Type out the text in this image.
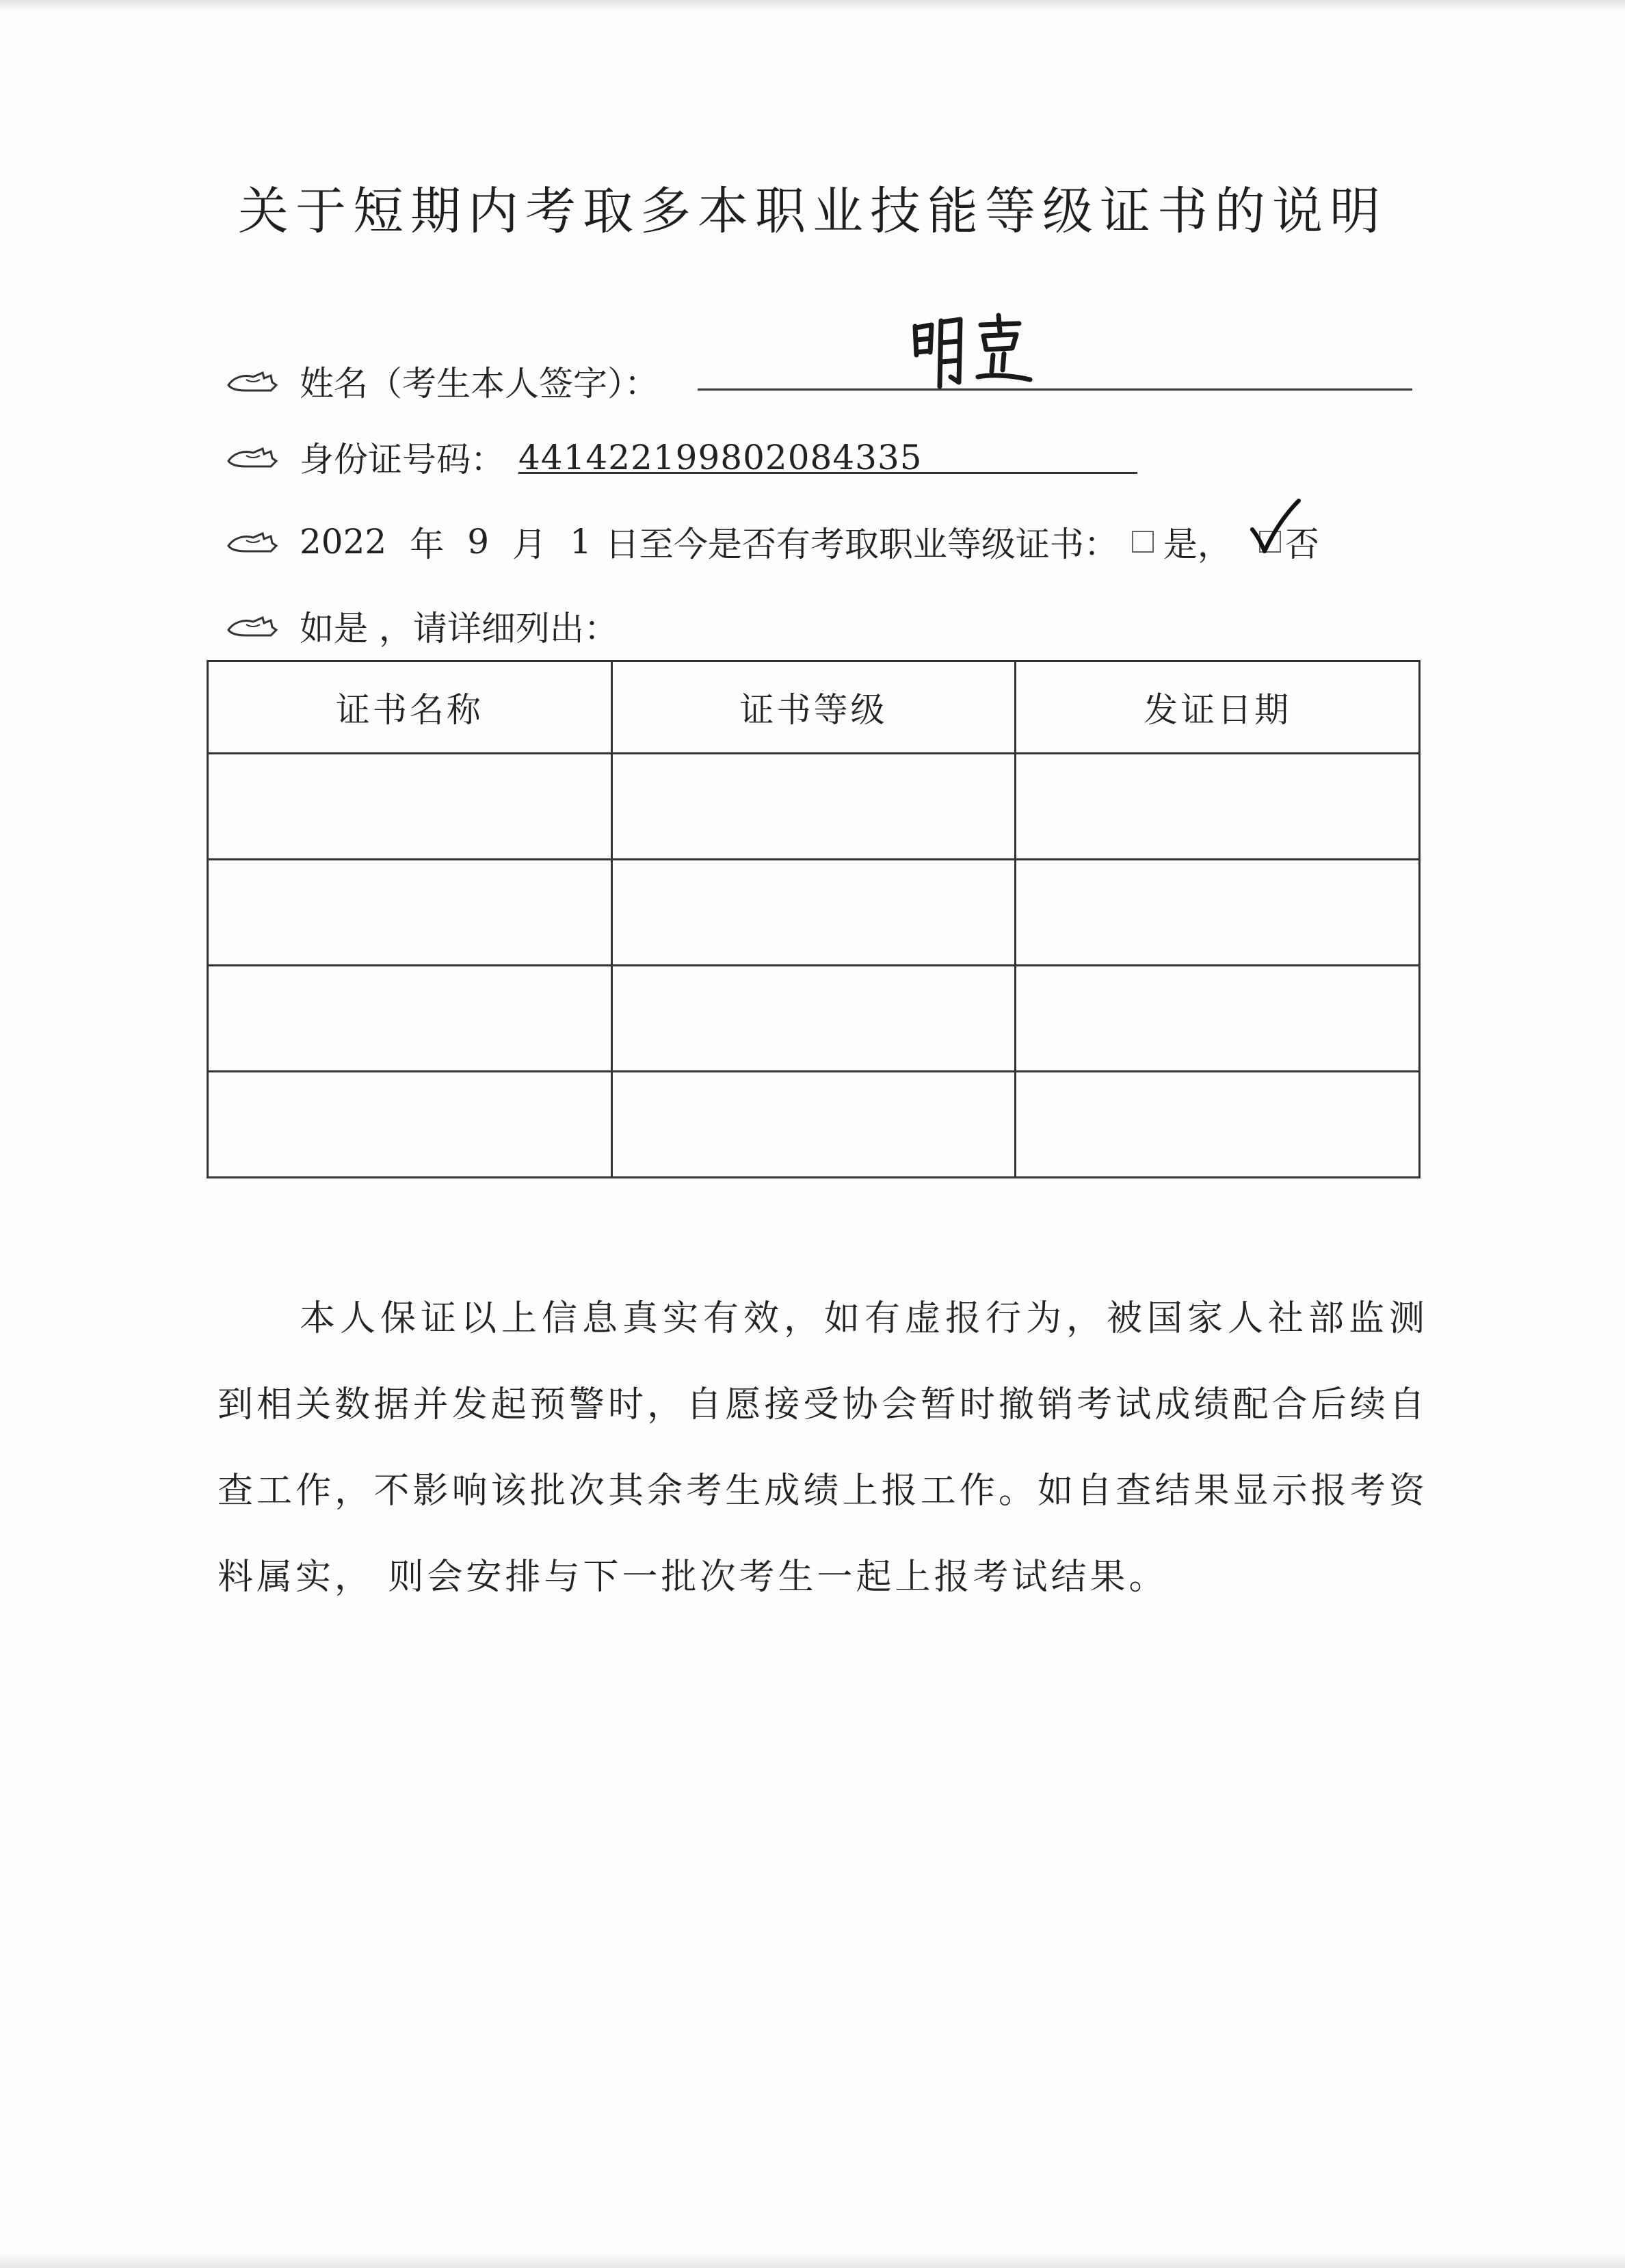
关于短期内考取多本职业技能等级证书的说明
姓名（考生本人签字）：
身份证号码： 441422199802084335
2022 年 9 月 1 日至今是否有考取职业等级证书： 是， 否
如是 ，请详细列出：
证书名称	证书等级	发证日期

本人保证以上信息真实有效，如有虚报行为，被国家人社部监测到相关数据并发起预警时，自愿接受协会暂时撤销考试成绩配合后续自查工作，不影响该批次其余考生成绩上报工作。如自查结果显示报考资料属实， 则会安排与下一批次考生一起上报考试结果。
